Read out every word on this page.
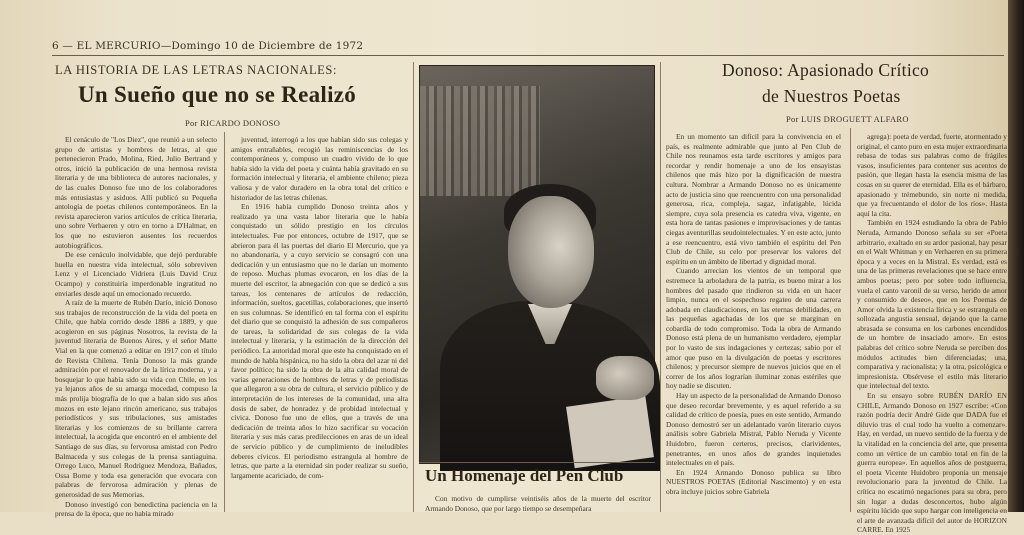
6 — EL MERCURIO—Domingo 10 de Diciembre de 1972
LA HISTORIA DE LAS LETRAS NACIONALES:
Un Sueño que no se Realizó
Por RICARDO DONOSO

El cenáculo de "Los Diez", que reunió a un selecto grupo de artistas y hombres de letras, al que pertenecieron Prado, Molina, Ried, Julio Bertrand y otros, inició la publicación de una hermosa revista literaria y de una biblioteca de autores nacionales, y de las cuales Donoso fue uno de los colaboradores más entusiastas y asiduos. Allí publicó su Pequeña antología de poetas chilenos contemporáneos. En la revista aparecieron varios artículos de crítica literaria, uno sobre Verhaeren y otro en torno a D'Halmar, en los que no estuvieron ausentes los recuerdos autobiográficos.

De ese cenáculo inolvidable, que dejó perdurable huella en nuestra vida intelectual, sólo sobreviven Lenz y el Licenciado Vidriera (Luis David Cruz Ocampo) y constituiría imperdonable ingratitud no enviarles desde aquí un emocionado recuerdo.

A raíz de la muerte de Rubén Darío, inició Donoso sus trabajos de reconstrucción de la vida del poeta en Chile, que había corrido desde 1886 a 1889, y que acogieron en sus páginas Nosotros, la revista de la juventud literaria de Buenos Aires, y el señor Matte Vial en la que comenzó a editar en 1917 con el título de Revista Chilena. Tenía Donoso la más grande admiración por el renovador de la lírica moderna, y a bosquejar lo que había sido su vida con Chile, en los ya lejanos años de su amarga mocedad, compuso la más prolija biografía de lo que a balan sido sus años mozos en este lejano rincón americano, sus trabajos periodísticos y sus tribulaciones, sus amistades literarias y los comienzos de su brillante carrera intelectual, la acogida que encontró en el ambiente del Santiago de sus días, su fervorosa amistad con Pedro Balmaceda y sus colegas de la prensa santiaguina. Orrego Luco, Manuel Rodríguez Mendoza, Bañados, Ossa Borne y toda esa generación que evocara con palabras de fervorosa admiración y plenas de generosidad de sus Memorias.

Donoso investigó con benedictina paciencia en la prensa de la época, que no había mirado

juventud, interrogó a los que habían sido sus colegas y amigos entrañables, recogió las reminiscencias de los contemporáneos y, compuso un cuadro vívido de lo que había sido la vida del poeta y cuánta había gravitado en su formación intelectual y literaria, el ambiente chileno; pieza valiosa y de valor duradero en la obra total del crítico e historiador de las letras chilenas.

En 1916 había cumplido Donoso treinta años y realizado ya una vasta labor literaria que le había conquistado un sólido prestigio en los círculos intelectuales. Fue por entonces, octubre de 1917, que se abrieron para él las puertas del diario El Mercurio, que ya no abandonaría, y a cuyo servicio se consagró con una dedicación y un entusiasmo que no le darían un momento de reposo. Muchas plumas evocaron, en los días de la muerte del escritor, la abnegación con que se dedicó a sus tareas, los centenares de artículos de redacción, información, sueltos, gacetillas, colaboraciones, que insertó en sus columnas. Se identificó en tal forma con el espíritu del diario que se conquistó la adhesión de sus compañeros de tareas, la solidaridad de sus colegas de la vida intelectual y literaria, y la estimación de la dirección del periódico. La autoridad moral que este ha conquistado en el mundo de habla hispánica, no ha sido la obra del azar ni del favor político; ha sido la obra de la alta calidad moral de varias generaciones de hombres de letras y de periodistas que allegaron a su obra de cultura, el servicio público y de interpretación de los intereses de la comunidad, una alta dosis de saber, de honradez y de probidad intelectual y cívica. Donoso fue uno de ellos, que a través de una dedicación de treinta años lo hizo sacrificar su vocación literaria y sus más caras predilecciones en aras de un ideal de servicio público y de cumplimiento de ineludibles deberes cívicos. El periodismo estrangula al hombre de letras, que parte a la eternidad sin poder realizar su sueño, largamente acariciado, de com-	Un Homenaje del Pen Club

Con motivo de cumplirse veintiséis años de la muerte del escritor Armando Donoso, que por largo tiempo se desempeñara

Donoso: Apasionado Crítico
de Nuestros Poetas
Por LUIS DROGUETT ALFARO

En un momento tan difícil para la convivencia en el país, es realmente admirable que junto al Pen Club de Chile nos reunamos esta tarde escritores y amigos para recordar y rendir homenaje a uno de los ensayistas chilenos que más hizo por la dignificación de nuestra cultura. Nombrar a Armando Donoso no es únicamente acto de justicia sino que reencuentro con una personalidad generosa, rica, compleja, sagaz, infatigable, lúcida siempre, cuya sola presencia es catedra viva, vigente, en esta hora de tantas pasiones e improvisaciones y de tantas ciegas aventurillas seudointelectuales. Y en este acto, junto a ese reencuentro, está vivo también el espíritu del Pen Club de Chile, su celo por preservar los valores del espíritu en un ámbito de libertad y dignidad moral.

Cuando arrecian los vientos de un temporal que estremece la arboladura de la patria, es bueno mirar a los hombres del pasado que rindieron su vida en un hacer limpio, nunca en el sospechoso regateo de una carrera adobada en claudicaciones, en las eternas debilidades, en las pequeñas agachadas de los que se marginan en cobardía de todo compromiso. Toda la obra de Armando Donoso está plena de un humanismo verdadero, ejemplar por lo vasto de sus indagaciones y certezas; sabio por el amor que puso en la divulgación de poetas y escritores chilenos; y precursor siempre de nuevos juicios que en el correr de los años lograrían iluminar zonas estériles que hoy nadie se discuten.

Hay un aspecto de la personalidad de Armando Donoso que deseo recordar brevemente, y es aquel referido a su calidad de crítico de poesía, pues en este sentido, Armando Donoso demostró ser un adelantado varón literario cuyos análisis sobre Gabriela Mistral, Pablo Neruda y Vicente Huidobro, fueron certeros, precisos, clarividentes, penetrantes, en unos años de grandes inquietudes intelectuales en el país.

En 1924 Armando Donoso publica su libro NUESTROS POETAS (Editorial Nascimento) y en esta obra incluye juicios sobre Gabriela

agrega): poeta de verdad, fuerte, atormentado y original, el canto puro en esta mujer extraordinaria rebasa de todas sus palabras como de frágiles vasos, insuficientes para contener sus acentos de pasión, que llegan hasta la esencia misma de las cosas en su querer de eternidad. Ella es el bárbaro, apasionado y trémebundo, sin norte ni medida, que ya frecuentando el dolor de los ríos». Hasta aquí la cita.

También en 1924 estudiando la obra de Pablo Neruda, Armando Donoso señala su ser «Poeta arbitrario, exaltado en su ardor pasional, hay pesar en el Walt Whitman y en Verhaeren en su primera época y a veces en la Mistral. Es verdad, está es una de las primeras revelaciones que se hace entre ambos poetas; pero por sobre todo influencia, vuela el canto varonil de su verso, herido de amor y consumido de deseo», que en los Poemas de Amor olvida la existencia lírica y se estrangula en sollozada angustia sensual, dejando que la carne abrasada se consuma en los carbones encendidos de un hombre de insaciado amor». En estos palabras del crítico sobre Neruda se perciben dos módulos actitudes bien diferenciadas; una, comparativa y racionalista; y la otra, psicológica e impresionista. Obsérvese el estilo más literario que intelectual del texto.

En su ensayo sobre RUBÉN DARÍO EN CHILE, Armando Donoso en 1927 escribe: «Con razón podría decir André Gide que DADA fue el diluvio tras el cual todo ha vuelto a comenzar». Hay, en verdad, un nuevo sentido de la fuerza y de la vitalidad en la conciencia del arte, que presenta como un vértice de un cambio total en fin de la guerra europea». En aquellos años de postguerra, el poeta Vicente Huidobro proponía un mensaje revolucionario para la juventud de Chile. La crítica no escatimó negaciones para su obra, pero sin lugar a dudas desconcertos, hubo algún espíritu lúcido que supo hargar con inteligencia en el arte de avanzada difícil del autor de HORIZON CARRE. En 1925
